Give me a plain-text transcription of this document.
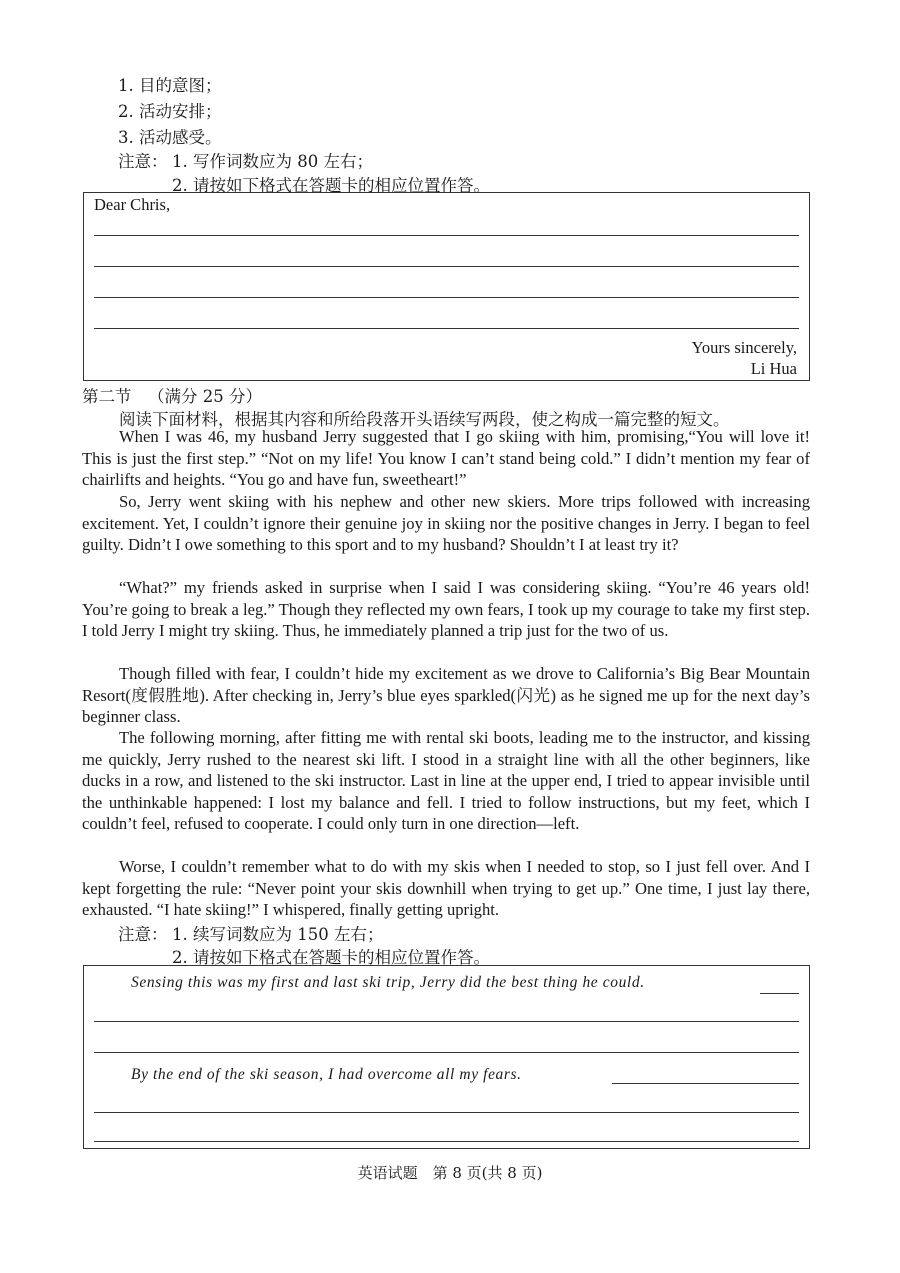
1. 目的意图；
2. 活动安排；
3. 活动感受。
注意： 1. 写作词数应为 80 左右；
2. 请按如下格式在答题卡的相应位置作答。
Dear Chris,
Yours sincerely,
Li Hua
第二节 （满分 25 分）
阅读下面材料，根据其内容和所给段落开头语续写两段，使之构成一篇完整的短文。

When I was 46, my husband Jerry suggested that I go skiing with him, promising,“You will love it! This is just the first step.” “Not on my life! You know I can’t stand being cold.” I didn’t mention my fear of chairlifts and heights. “You go and have fun, sweetheart!”

So, Jerry went skiing with his nephew and other new skiers. More trips followed with increasing excitement. Yet, I couldn’t ignore their genuine joy in skiing nor the positive changes in Jerry. I began to feel guilty. Didn’t I owe something to this sport and to my husband? Shouldn’t I at least try it?

“What?” my friends asked in surprise when I said I was considering skiing. “You’re 46 years old! You’re going to break a leg.” Though they reflected my own fears, I took up my courage to take my first step. I told Jerry I might try skiing. Thus, he immediately planned a trip just for the two of us.

Though filled with fear, I couldn’t hide my excitement as we drove to California’s Big Bear Mountain Resort(度假胜地). After checking in, Jerry’s blue eyes sparkled(闪光) as he signed me up for the next day’s beginner class.

The following morning, after fitting me with rental ski boots, leading me to the instructor, and kissing me quickly, Jerry rushed to the nearest ski lift. I stood in a straight line with all the other beginners, like ducks in a row, and listened to the ski instructor. Last in line at the upper end, I tried to appear invisible until the unthinkable happened: I lost my balance and fell. I tried to follow instructions, but my feet, which I couldn’t feel, refused to cooperate. I could only turn in one direction—left.

Worse, I couldn’t remember what to do with my skis when I needed to stop, so I just fell over. And I kept forgetting the rule: “Never point your skis downhill when trying to get up.” One time, I just lay there, exhausted. “I hate skiing!” I whispered, finally getting upright.

注意： 1. 续写词数应为 150 左右；
2. 请按如下格式在答题卡的相应位置作答。
Sensing this was my first and last ski trip, Jerry did the best thing he could.
By the end of the ski season, I had overcome all my fears.
英语试题　第 8 页(共 8 页)
